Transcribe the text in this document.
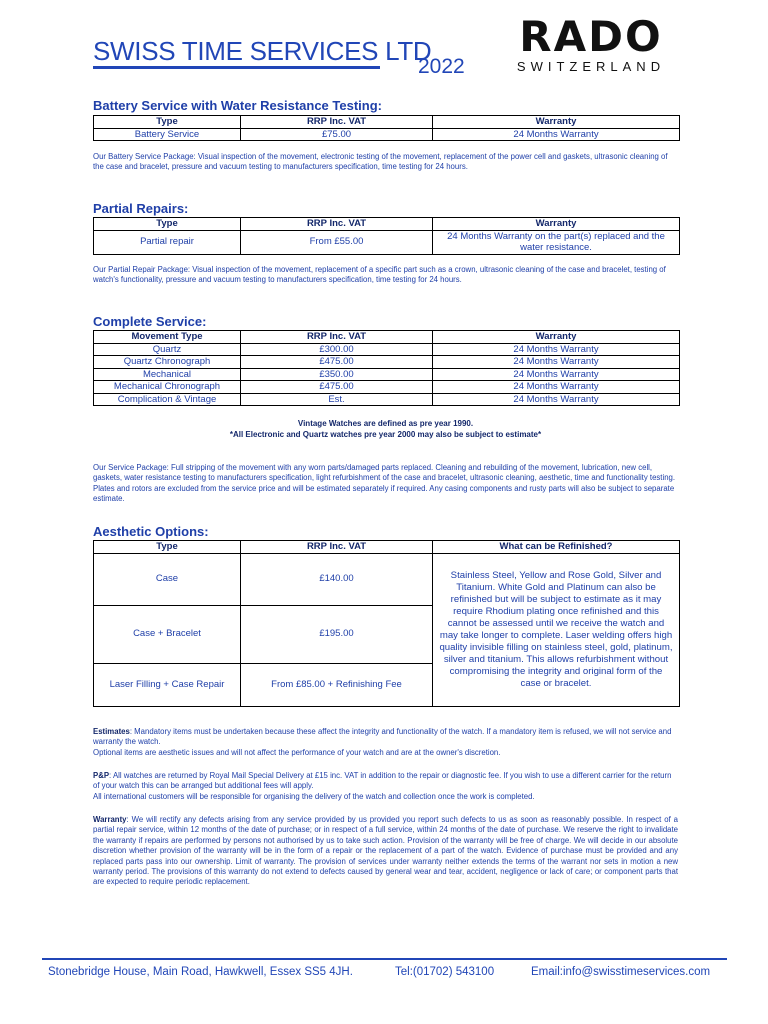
SWISS TIME SERVICES LTD
2022
RADO
SWITZERLAND
Battery Service with Water Resistance Testing:
Type	RRP Inc. VAT	Warranty
Battery Service	£75.00	24 Months Warranty
Our Battery Service Package: Visual inspection of the movement, electronic testing of the movement, replacement of the power cell and gaskets, ultrasonic cleaning of the case and bracelet, pressure and vacuum testing to manufacturers specification, time testing for 24 hours.
Partial Repairs:
Type	RRP Inc. VAT	Warranty
Partial repair	From £55.00	24 Months Warranty on the part(s) replaced and the water resistance.
Our Partial Repair Package: Visual inspection of the movement, replacement of a specific part such as a crown, ultrasonic cleaning of the case and bracelet, testing of watch's functionality, pressure and vacuum testing to manufacturers specification, time testing for 24 hours.
Complete Service:
Movement Type	RRP Inc. VAT	Warranty
Quartz	£300.00	24 Months Warranty
Quartz Chronograph	£475.00	24 Months Warranty
Mechanical	£350.00	24 Months Warranty
Mechanical Chronograph	£475.00	24 Months Warranty
Complication & Vintage	Est.	24 Months Warranty
Vintage Watches are defined as pre year 1990.
*All Electronic and Quartz watches pre year 2000 may also be subject to estimate*
Our Service Package: Full stripping of the movement with any worn parts/damaged parts replaced. Cleaning and rebuilding of the movement, lubrication, new cell, gaskets, water resistance testing to manufacturers specification, light refurbishment of the case and bracelet, ultrasonic cleaning, aesthetic, time and functionality testing. Plates and rotors are excluded from the service price and will be estimated separately if required. Any casing components and rusty parts will also be subject to separate estimate.
Aesthetic Options:
Type	RRP Inc. VAT	What can be Refinished?
Case	£140.00	Stainless Steel, Yellow and Rose Gold, Silver and Titanium. White Gold and Platinum can also be refinished but will be subject to estimate as it may require Rhodium plating once refinished and this cannot be assessed until we receive the watch and may take longer to complete. Laser welding offers high quality invisible filling on stainless steel, gold, platinum, silver and titanium. This allows refurbishment without compromising the integrity and original form of the case or bracelet.
Case + Bracelet	£195.00	
Laser Filling + Case Repair	From £85.00 + Refinishing Fee	
Estimates: Mandatory items must be undertaken because these affect the integrity and functionality of the watch. If a mandatory item is refused, we will not service and warranty the watch.
Optional items are aesthetic issues and will not affect the performance of your watch and are at the owner's discretion.
P&P: All watches are returned by Royal Mail Special Delivery at £15 inc. VAT in addition to the repair or diagnostic fee. If you wish to use a different carrier for the return of your watch this can be arranged but additional fees will apply.
All international customers will be responsible for organising the delivery of the watch and collection once the work is completed.
Warranty: We will rectify any defects arising from any service provided by us provided you report such defects to us as soon as reasonably possible. In respect of a partial repair service, within 12 months of the date of purchase; or in respect of a full service, within 24 months of the date of purchase. We reserve the right to invalidate the warranty if repairs are performed by persons not authorised by us to take such action. Provision of the warranty will be free of charge. We will decide in our absolute discretion whether provision of the warranty will be in the form of a repair or the replacement of a part of the watch. Evidence of purchase must be provided and any replaced parts pass into our ownership. Limit of warranty. The provision of services under warranty neither extends the terms of the warrant nor sets in motion a new warranty period. The provisions of this warranty do not extend to defects caused by general wear and tear, accident, negligence or lack of care; or component parts that are expected to require periodic replacement.
Stonebridge House, Main Road, Hawkwell, Essex SS5 4JH.	Tel:(01702) 543100	Email:info@swisstimeservices.com
